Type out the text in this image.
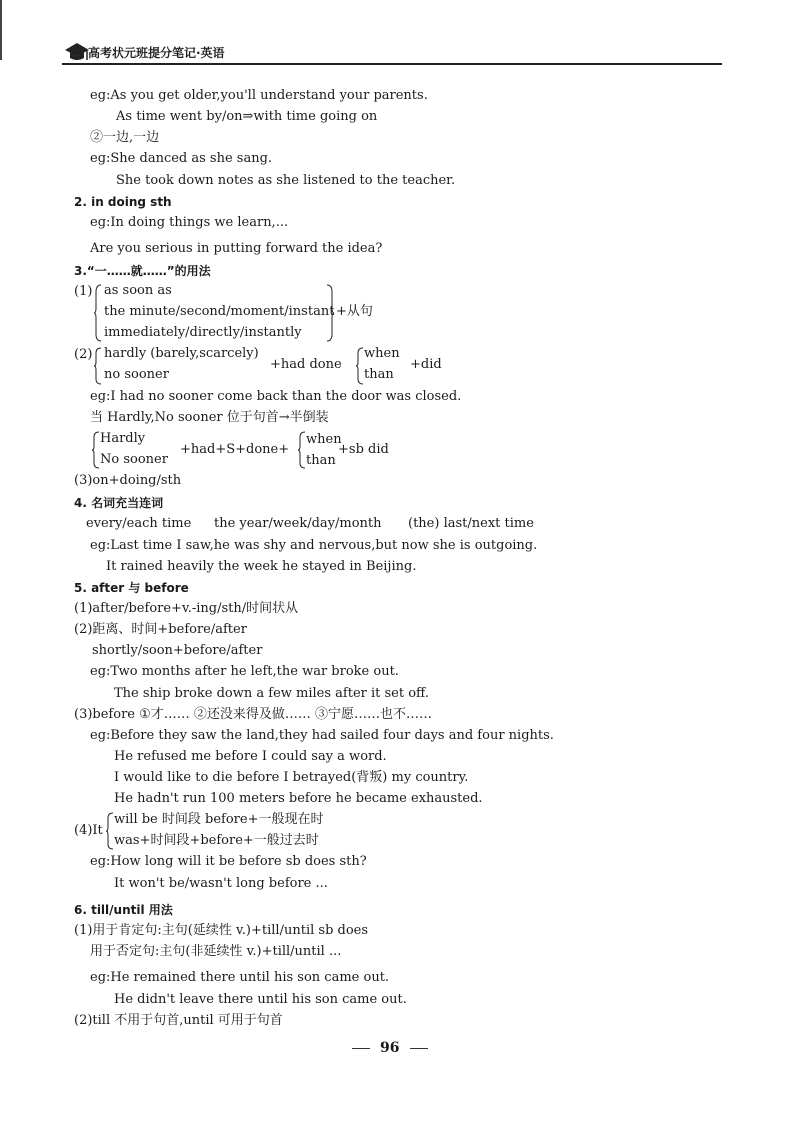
高考状元班提分笔记·英语
eg:As you get older,you'll understand your parents.
As time went by/on⇒with time going on
②一边,一边
eg:She danced as she sang.
She took down notes as she listened to the teacher.
2. in doing sth
eg:In doing things we learn,...
Are you serious in putting forward the idea?
3.“一……就……”的用法
(1) as soon as
the minute/second/moment/instant
immediately/directly/instantly
+从句
(2) hardly (barely,scarcely)
no sooner
+had done
when
than
+did
eg:I had no sooner come back than the door was closed.
当 Hardly,No sooner 位于句首→半倒装
Hardly
No sooner
+had+S+done+
when
than
+sb did
(3)on+doing/sth
4. 名词充当连词
every/each time the year/week/day/month (the) last/next time
eg:Last time I saw,he was shy and nervous,but now she is outgoing.
It rained heavily the week he stayed in Beijing.
5. after 与 before
(1)after/before+v.-ing/sth/时间状从
(2)距离、时间+before/after
shortly/soon+before/after
eg:Two months after he left,the war broke out.
The ship broke down a few miles after it set off.
(3)before ①才…… ②还没来得及做…… ③宁愿……也不……
eg:Before they saw the land,they had sailed four days and four nights.
He refused me before I could say a word.
I would like to die before I betrayed(背叛) my country.
He hadn't run 100 meters before he became exhausted.
(4)It
will be 时间段 before+一般现在时
was+时间段+before+一般过去时
eg:How long will it be before sb does sth?
It won't be/wasn't long before ...
6. till/until 用法
(1)用于肯定句:主句(延续性 v.)+till/until sb does
用于否定句:主句(非延续性 v.)+till/until ...
eg:He remained there until his son came out.
He didn't leave there until his son came out.
(2)till 不用于句首,until 可用于句首
96
